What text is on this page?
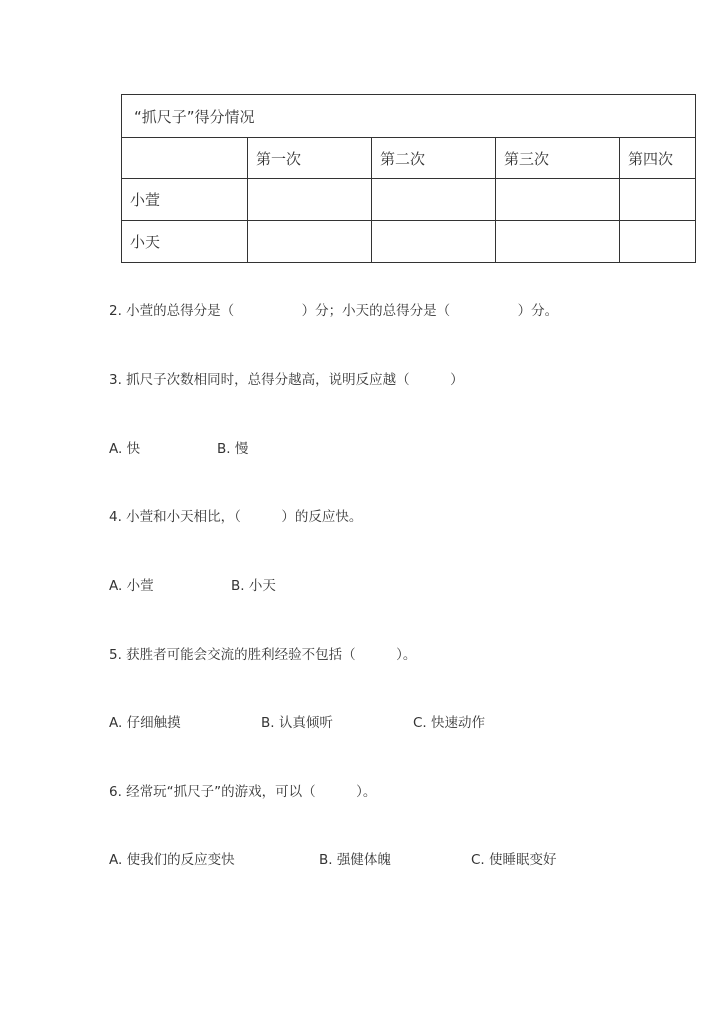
“抓尺子”得分情况				
	第一次	第二次	第三次	第四次
小萱				
小天				
2. 小萱的总得分是（　　　　　）分；小天的总得分是（　　　　　）分。
3. 抓尺子次数相同时，总得分越高，说明反应越（　　　）
A. 快	B. 慢
4. 小萱和小天相比，（　　　）的反应快。
A. 小萱	B. 小天
5. 获胜者可能会交流的胜利经验不包括（　　　）。
A. 仔细触摸	B. 认真倾听	C. 快速动作
6. 经常玩“抓尺子”的游戏，可以（　　　）。
A. 使我们的反应变快	B. 强健体魄	C. 使睡眠变好
